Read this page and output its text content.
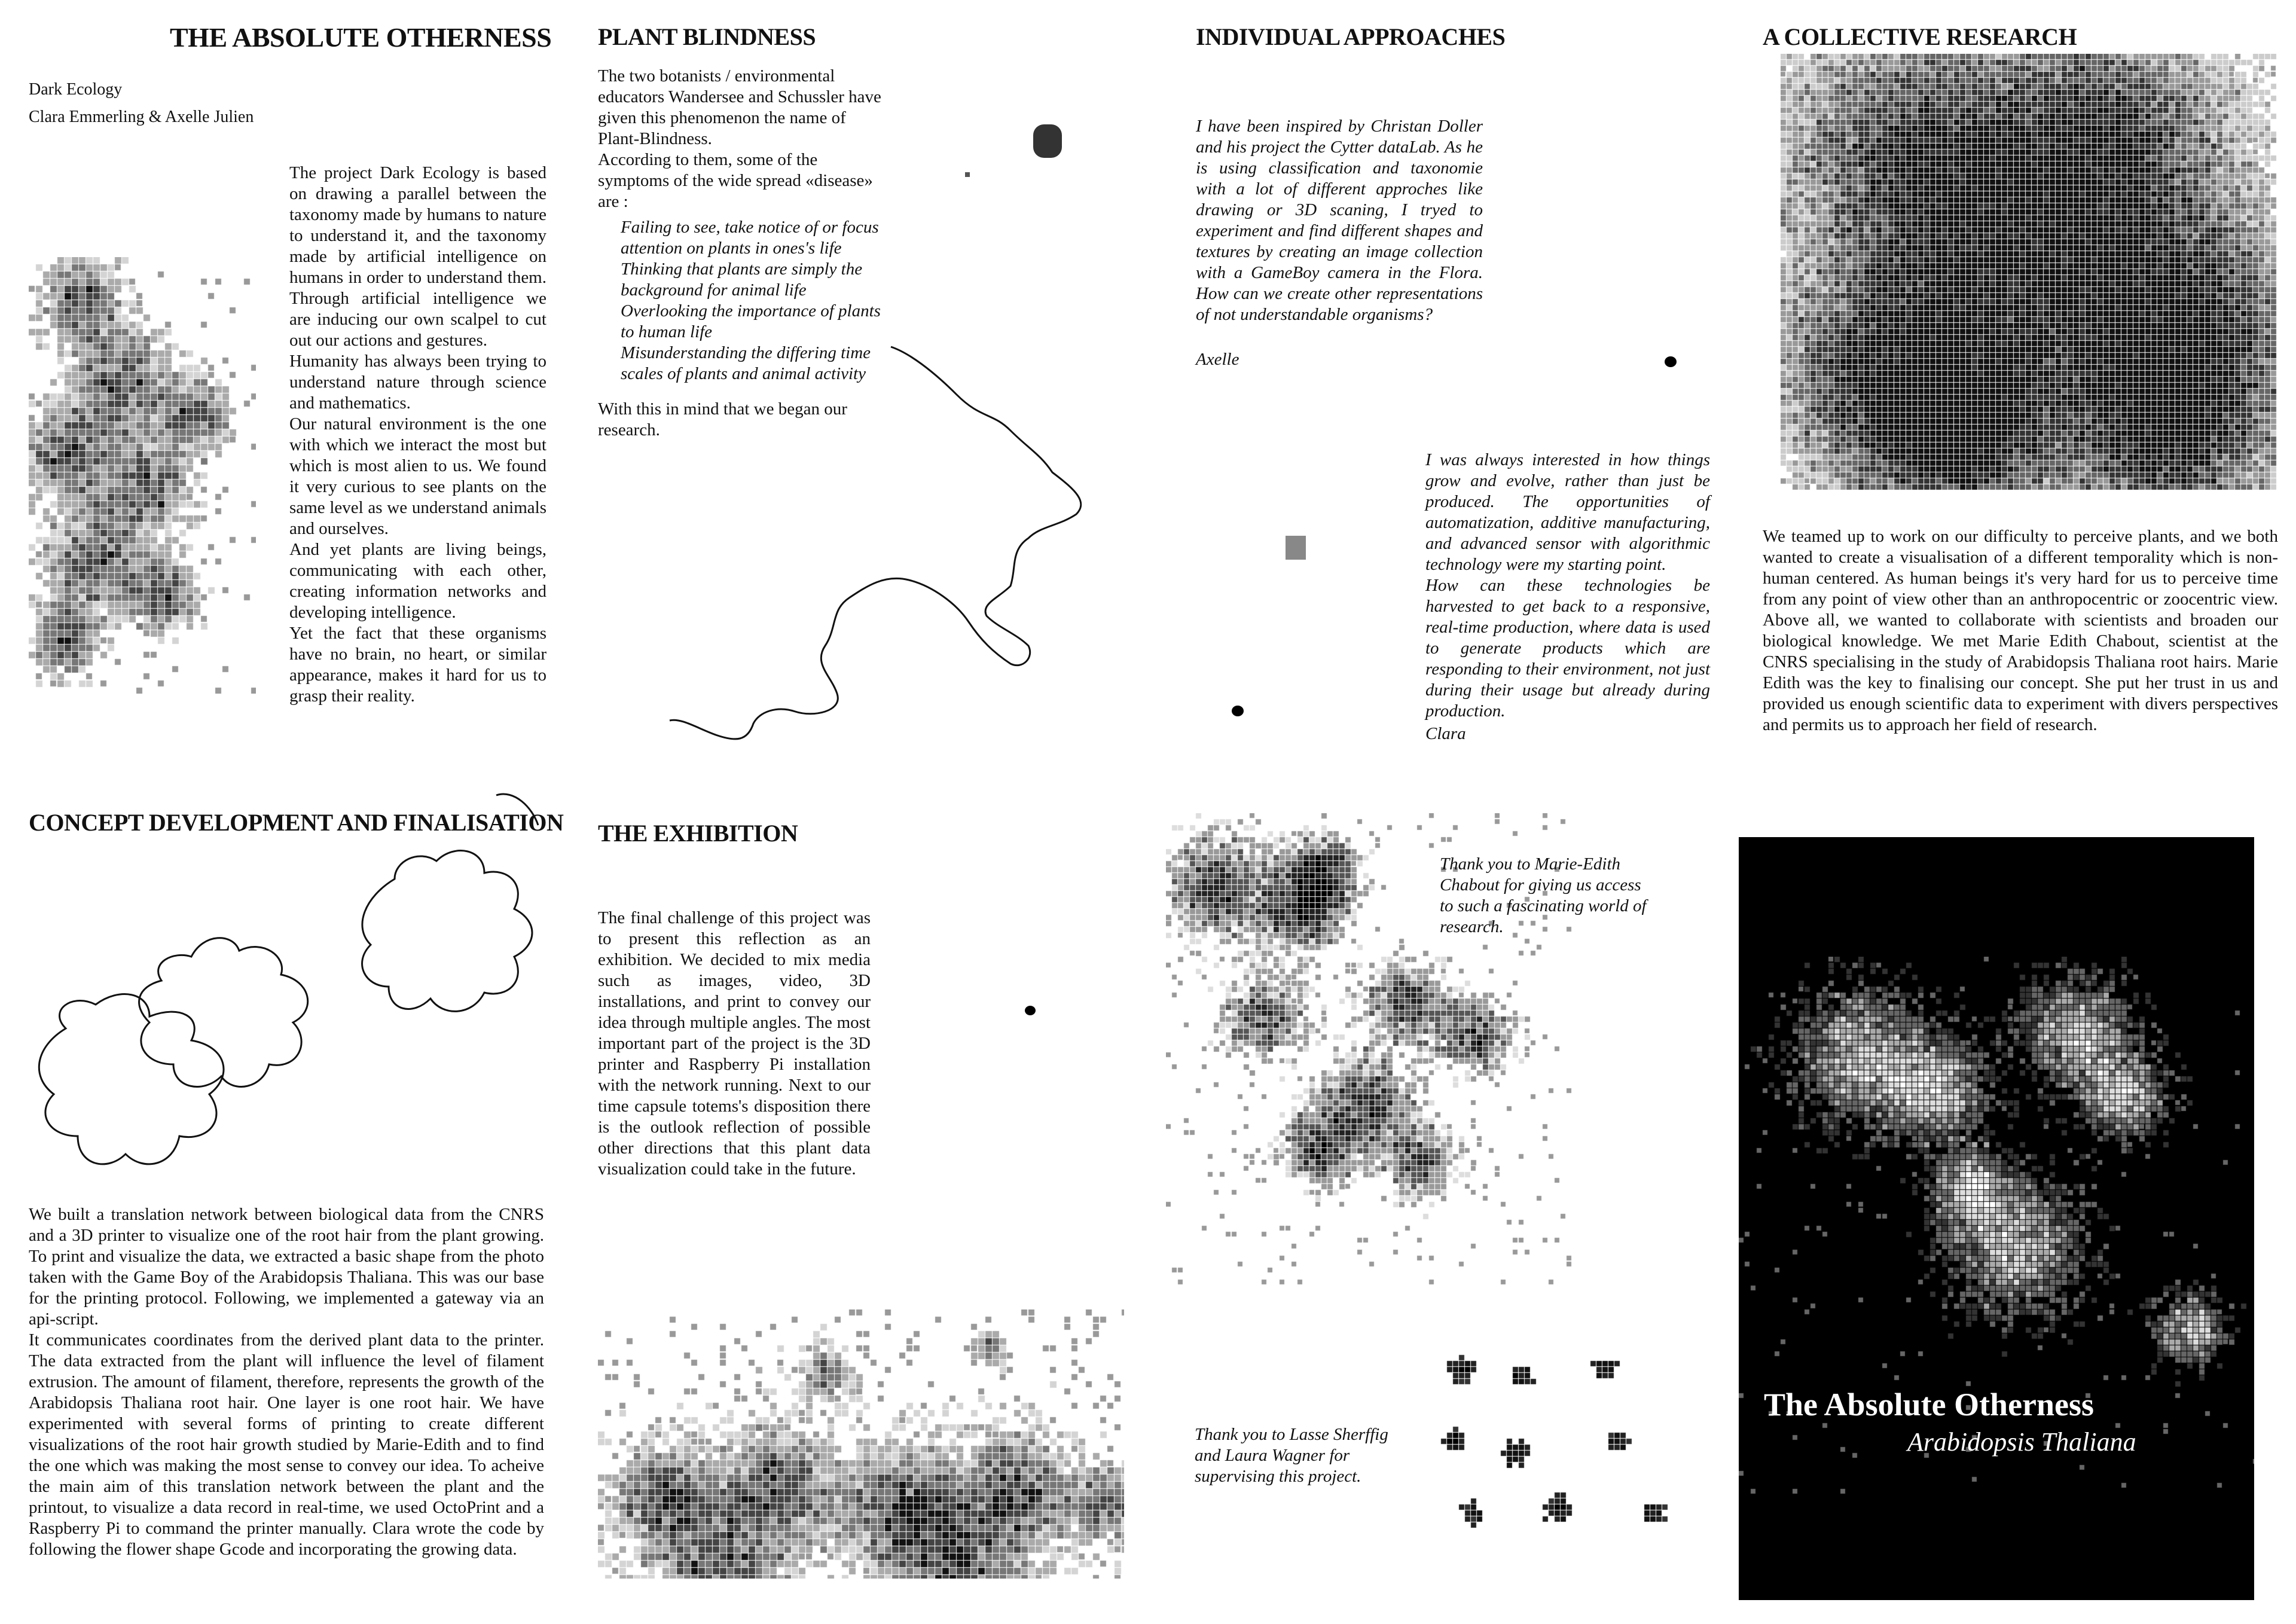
THE ABSOLUTE OTHERNESS
Dark Ecology
Clara Emmerling & Axelle Julien

The project Dark Ecology is based on drawing a parallel between the taxonomy made by humans to nature to understand it, and the taxonomy made by artificial intelligence on humans in order to understand them. Through artificial intelligence we are inducing our own scalpel to cut out our actions and gestures.

Humanity has always been trying to understand nature through science and mathematics.

Our natural environment is the one with which we interact the most but which is most alien to us. We found it very curious to see plants on the same level as we understand animals and ourselves.

And yet plants are living beings, communicating with each other, creating information networks and developing intelligence.

Yet the fact that these organisms have no brain, no heart, or similar appearance, makes it hard for us to grasp their reality.

PLANT BLINDNESS

The two botanists / environmental educators Wandersee and Schussler have given this phenomenon the name of Plant-Blindness.

According to them, some of the symptoms of the wide spread «disease» are :

Failing to see, take notice of or focus attention on plants in ones's life

Thinking that plants are simply the background for animal life

Overlooking the importance of plants to human life

Misunderstanding the differing time scales of plants and animal activity

With this in mind that we began our research.

INDIVIDUAL APPROACHES
I have been inspired by Christan Doller and his project the Cytter dataLab. As he is using classification and taxonomie with a lot of different approches like drawing or 3D scaning, I tryed to experiment and find different shapes and textures by creating an image collection with a GameBoy camera in the Flora. How can we create other representations of not understandable organisms?
Axelle

I was always interested in how things grow and evolve, rather than just be produced. The opportunities of automatization, additive manufacturing, and advanced sensor with algorithmic technology were my starting point.

How can these technologies be harvested to get back to a responsive, real-time production, where data is used to generate products which are responding to their environment, not just during their usage but already during production.

Clara
A COLLECTIVE RESEARCH
We teamed up to work on our difficulty to perceive plants, and we both wanted to create a visualisation of a different temporality which is non-human centered. As human beings it's very hard for us to perceive time from any point of view other than an anthropocentric or zoocentric view. Above all, we wanted to collaborate with scientists and broaden our biological knowledge. We met Marie Edith Chabout, scientist at the CNRS specialising in the study of Arabidopsis Thaliana root hairs. Marie Edith was the key to finalising our concept. She put her trust in us and provided us enough scientific data to experiment with divers perspectives and permits us to approach her field of research.
CONCEPT DEVELOPMENT AND FINALISATION

We built a translation network between biological data from the CNRS and a 3D printer to visualize one of the root hair from the plant growing. To print and visualize the data, we extracted a basic shape from the photo taken with the Game Boy of the Arabidopsis Thaliana. This was our base for the printing protocol. Following, we implemented a gateway via an api-script.

It communicates coordinates from the derived plant data to the printer. The data extracted from the plant will influence the level of filament extrusion. The amount of filament, therefore, represents the growth of the Arabidopsis Thaliana root hair. One layer is one root hair. We have experimented with several forms of printing to create different visualizations of the root hair growth studied by Marie-Edith and to find the one which was making the most sense to convey our idea. To acheive the main aim of this translation network between the plant and the printout, to visualize a data record in real-time, we used OctoPrint and a Raspberry Pi to command the printer manually. Clara wrote the code by following the flower shape Gcode and incorporating the growing data.

THE EXHIBITION
The final challenge of this project was to present this reflection as an exhibition. We decided to mix media such as images, video, 3D installations, and print to convey our idea through multiple angles. The most important part of the project is the 3D printer and Raspberry Pi installation with the network running. Next to our time capsule totems's disposition there is the outlook reflection of possible other directions that this plant data visualization could take in the future.
Thank you to Marie-Edith Chabout for giving us access to such a fascinating world of research.
Thank you to Lasse Sherffig and Laura Wagner for supervising this project.
The Absolute Otherness
Arabidopsis Thaliana
